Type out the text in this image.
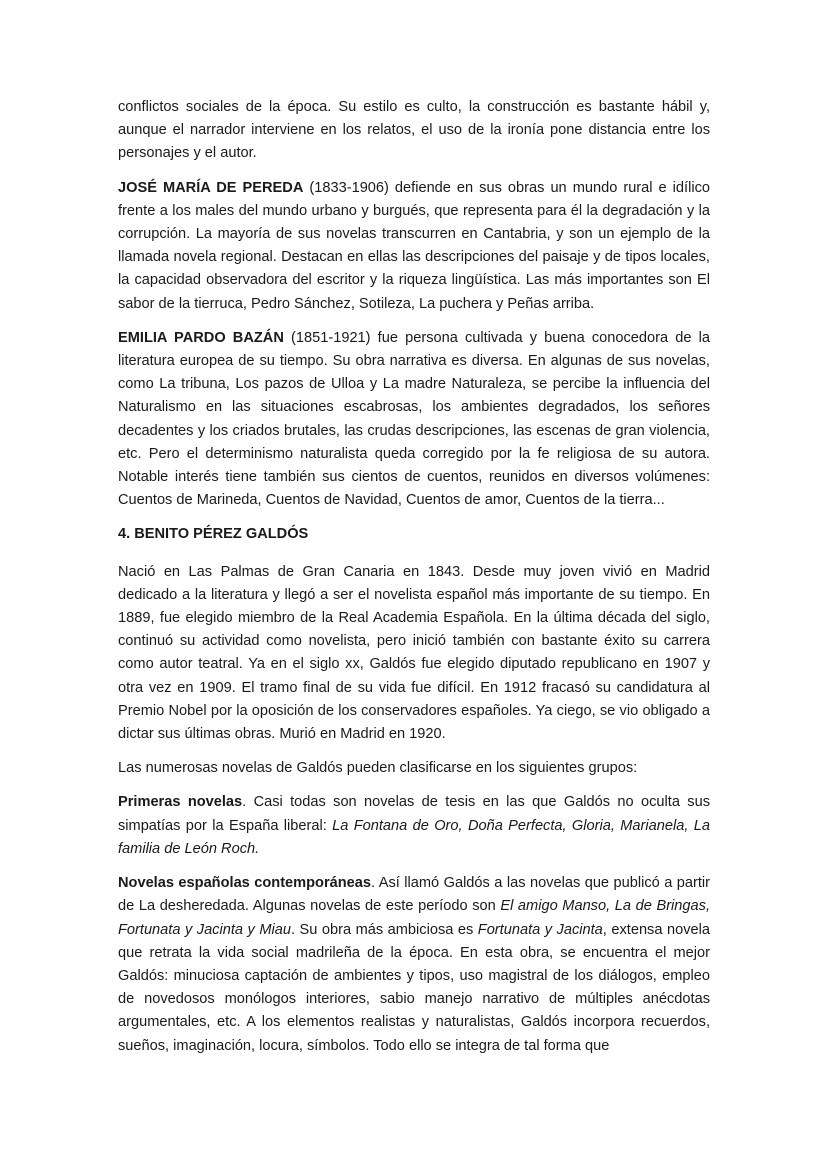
conflictos sociales de la época. Su estilo es culto, la construcción es bastante hábil y, aunque el narrador interviene en los relatos, el uso de la ironía pone distancia entre los personajes y el autor.

JOSÉ MARÍA DE PEREDA (1833-1906) defiende en sus obras un mundo rural e idílico frente a los males del mundo urbano y burgués, que representa para él la degradación y la corrupción. La mayoría de sus novelas transcurren en Cantabria, y son un ejemplo de la llamada novela regional. Destacan en ellas las descripciones del paisaje y de tipos locales, la capacidad observadora del escritor y la riqueza lingüística. Las más importantes son El sabor de la tierruca, Pedro Sánchez, Sotileza, La puchera y Peñas arriba.

EMILIA PARDO BAZÁN (1851-1921) fue persona cultivada y buena conocedora de la literatura europea de su tiempo. Su obra narrativa es diversa. En algunas de sus novelas, como La tribuna, Los pazos de Ulloa y La madre Naturaleza, se percibe la influencia del Naturalismo en las situaciones escabrosas, los ambientes degradados, los señores decadentes y los criados brutales, las crudas descripciones, las escenas de gran violencia, etc. Pero el determinismo naturalista queda corregido por la fe religiosa de su autora. Notable interés tiene también sus cientos de cuentos, reunidos en diversos volúmenes: Cuentos de Marineda, Cuentos de Navidad, Cuentos de amor, Cuentos de la tierra...

4. BENITO PÉREZ GALDÓS

Nació en Las Palmas de Gran Canaria en 1843. Desde muy joven vivió en Madrid dedicado a la literatura y llegó a ser el novelista español más importante de su tiempo. En 1889, fue elegido miembro de la Real Academia Española. En la última década del siglo, continuó su actividad como novelista, pero inició también con bastante éxito su carrera como autor teatral. Ya en el siglo xx, Galdós fue elegido diputado republicano en 1907 y otra vez en 1909. El tramo final de su vida fue difícil. En 1912 fracasó su candidatura al Premio Nobel por la oposición de los conservadores españoles. Ya ciego, se vio obligado a dictar sus últimas obras. Murió en Madrid en 1920.

Las numerosas novelas de Galdós pueden clasificarse en los siguientes grupos:

Primeras novelas. Casi todas son novelas de tesis en las que Galdós no oculta sus simpatías por la España liberal: La Fontana de Oro, Doña Perfecta, Gloria, Marianela, La familia de León Roch.

Novelas españolas contemporáneas. Así llamó Galdós a las novelas que publicó a partir de La desheredada. Algunas novelas de este período son El amigo Manso, La de Bringas, Fortunata y Jacinta y Miau. Su obra más ambiciosa es Fortunata y Jacinta, extensa novela que retrata la vida social madrileña de la época. En esta obra, se encuentra el mejor Galdós: minuciosa captación de ambientes y tipos, uso magistral de los diálogos, empleo de novedosos monólogos interiores, sabio manejo narrativo de múltiples anécdotas argumentales, etc. A los elementos realistas y naturalistas, Galdós incorpora recuerdos, sueños, imaginación, locura, símbolos. Todo ello se integra de tal forma que
